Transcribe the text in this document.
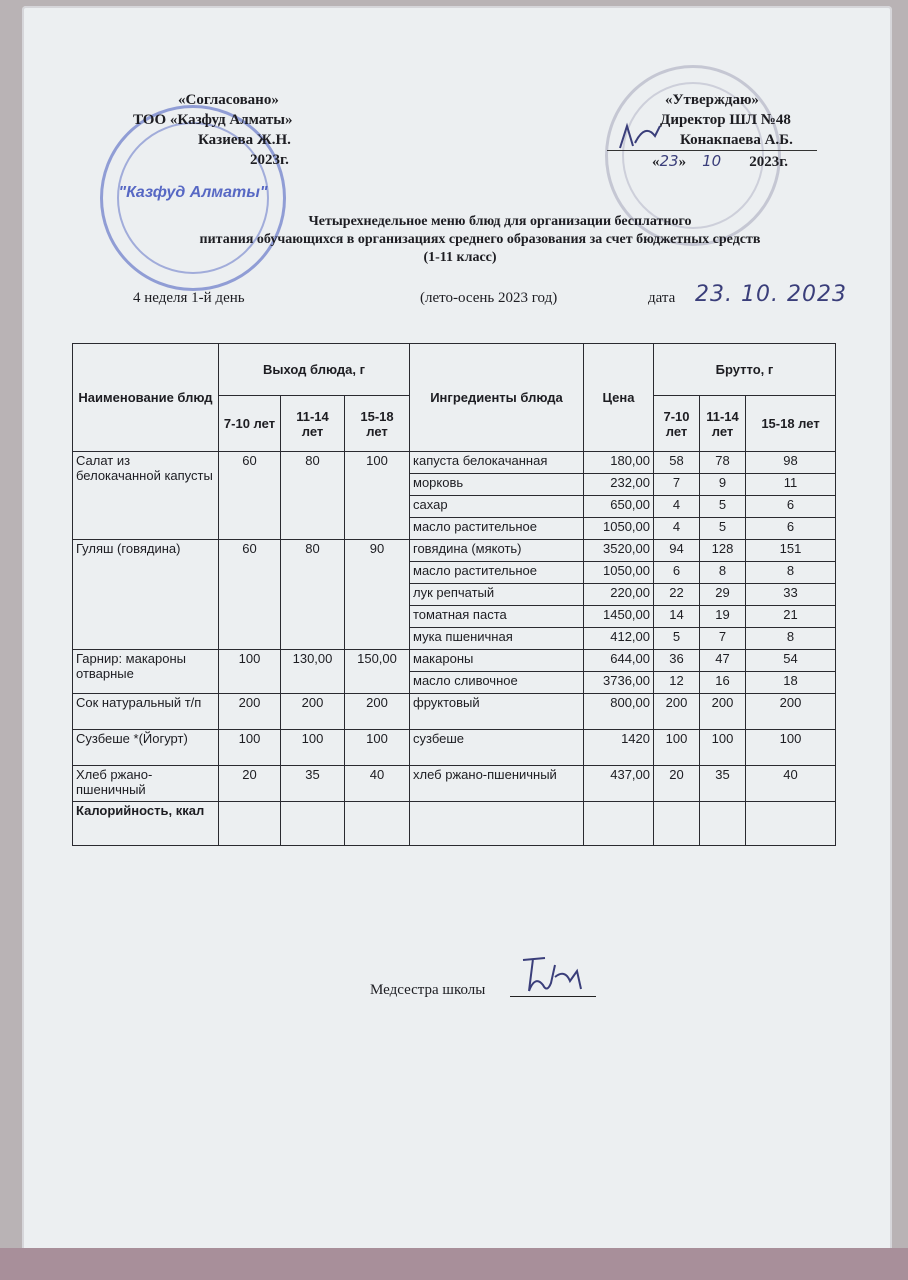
"Казфуд Алматы"
«Согласовано»
ТОО «Казфуд Алматы»
Казиева Ж.Н.
2023г.
«Утверждаю»
Директор ШЛ №48
Конакпаева А.Б.
«23» 10 2023г.
Четырехнедельное меню блюд для организации бесплатного
питания обучающихся в организациях среднего образования за счет бюджетных средств
(1-11 класс)
4 неделя 1-й день	(лето-осень 2023 год)	дата 23. 10. 2023
Наименование блюд	Выход блюда, г			Ингредиенты блюда	Цена	Брутто, г		
	7-10 лет	11-14 лет	15-18 лет			7-10 лет	11-14 лет	15-18 лет
Салат из белокачанной капусты	60	80	100	капуста белокачанная	180,00	58	78	98
				морковь	232,00	7	9	11
				сахар	650,00	4	5	6
				масло растительное	1050,00	4	5	6
Гуляш (говядина)	60	80	90	говядина (мякоть)	3520,00	94	128	151
				масло растительное	1050,00	6	8	8
				лук репчатый	220,00	22	29	33
				томатная паста	1450,00	14	19	21
				мука пшеничная	412,00	5	7	8
Гарнир: макароны отварные	100	130,00	150,00	макароны	644,00	36	47	54
				масло сливочное	3736,00	12	16	18
Сок натуральный т/п	200	200	200	фруктовый	800,00	200	200	200
Сузбеше *(Йогурт)	100	100	100	сузбеше	1420	100	100	100
Хлеб ржано-пшеничный	20	35	40	хлеб ржано-пшеничный	437,00	20	35	40
Калорийность, ккал								
Медсестра школы
